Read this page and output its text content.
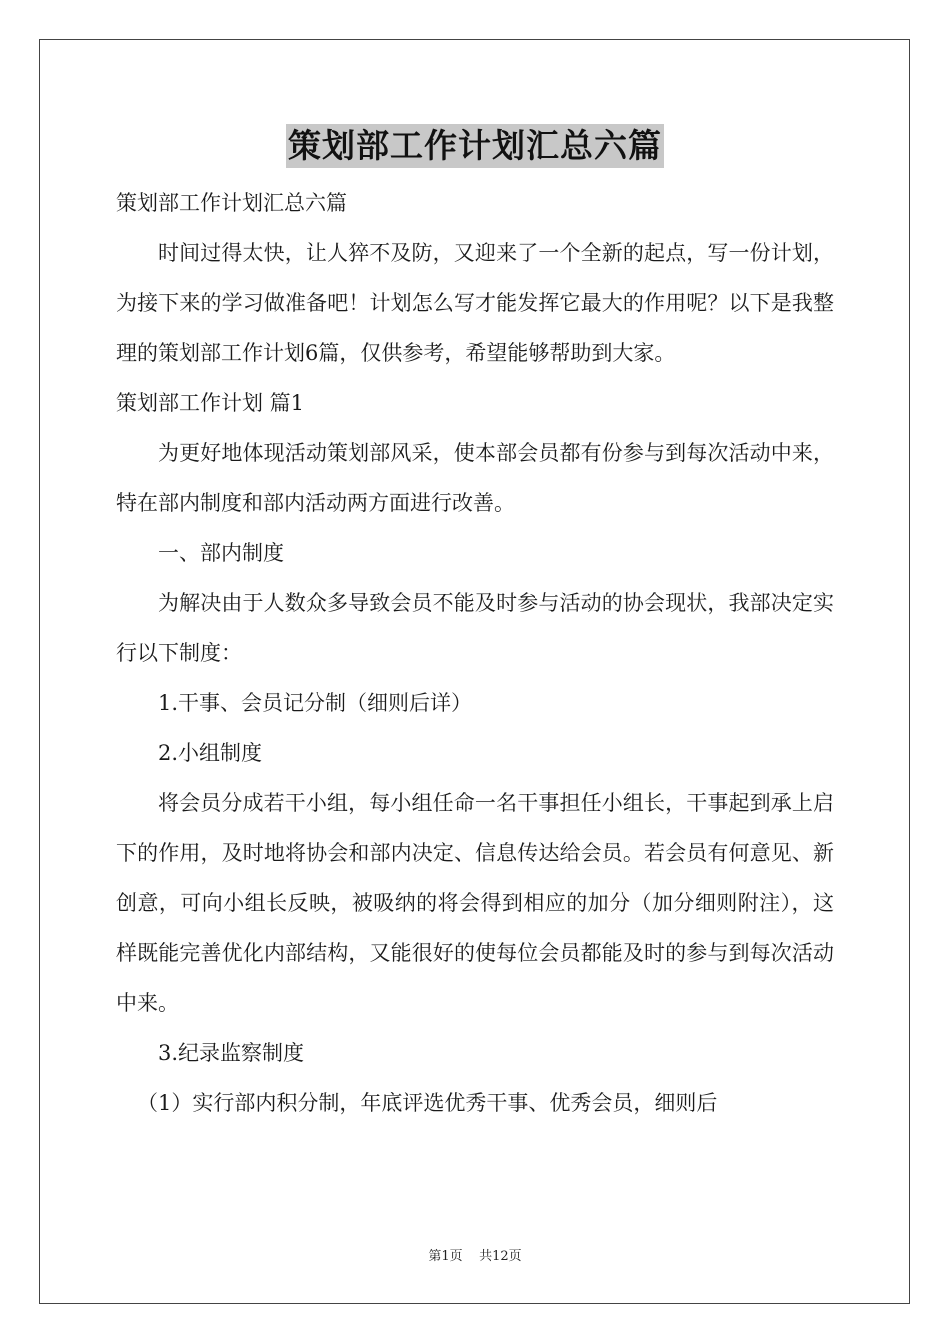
策划部工作计划汇总六篇

策划部工作计划汇总六篇

时间过得太快，让人猝不及防，又迎来了一个全新的起点，写一份计划，为接下来的学习做准备吧！计划怎么写才能发挥它最大的作用呢？以下是我整理的策划部工作计划6篇，仅供参考，希望能够帮助到大家。

策划部工作计划 篇1

为更好地体现活动策划部风采，使本部会员都有份参与到每次活动中来，特在部内制度和部内活动两方面进行改善。

一、部内制度

为解决由于人数众多导致会员不能及时参与活动的协会现状，我部决定实行以下制度：

1.干事、会员记分制（细则后详）

2.小组制度

将会员分成若干小组，每小组任命一名干事担任小组长，干事起到承上启下的作用，及时地将协会和部内决定、信息传达给会员。若会员有何意见、新创意，可向小组长反映，被吸纳的将会得到相应的加分（加分细则附注），这样既能完善优化内部结构，又能很好的使每位会员都能及时的参与到每次活动中来。

3.纪录监察制度

（1）实行部内积分制，年底评选优秀干事、优秀会员，细则后

第1页 共12页
